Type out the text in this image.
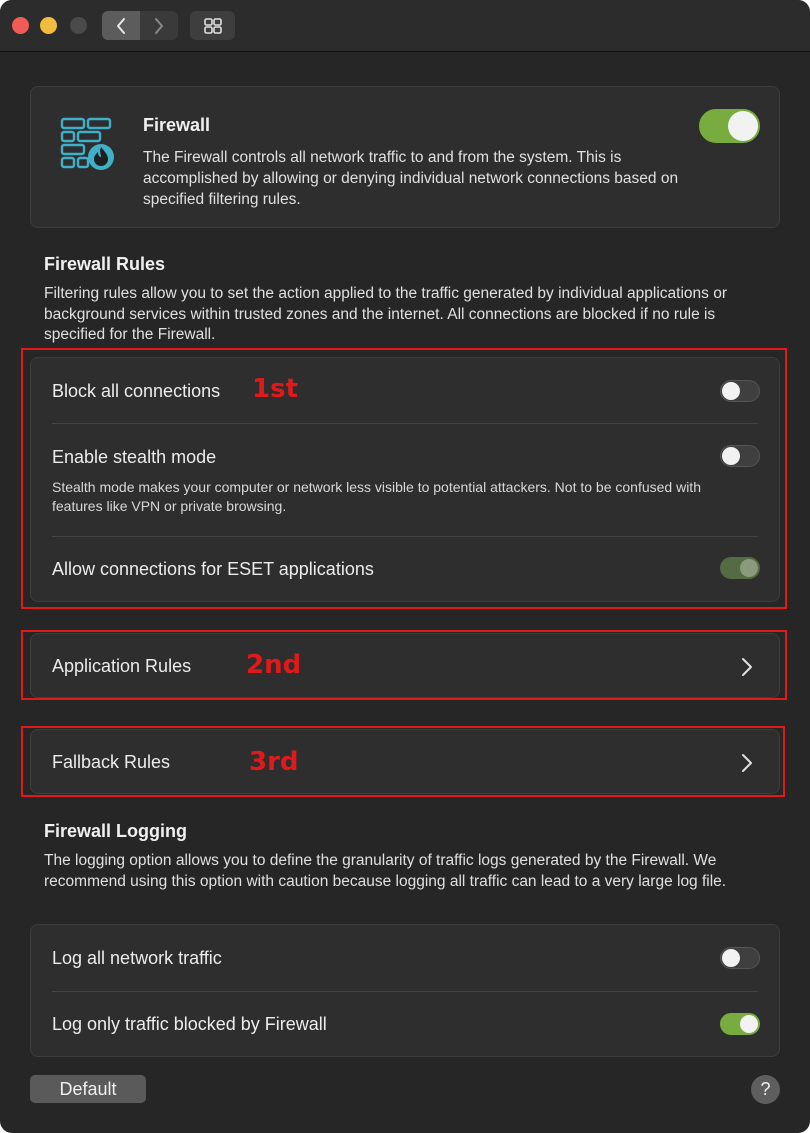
Firewall
The Firewall controls all network traffic to and from the system. This is accomplished by allowing or denying individual network connections based on specified filtering rules.
Firewall Rules
Filtering rules allow you to set the action applied to the traffic generated by individual applications or background services within trusted zones and the internet. All connections are blocked if no rule is specified for the Firewall.
Block all connections
Enable stealth mode
Stealth mode makes your computer or network less visible to potential attackers. Not to be confused with features like VPN or private browsing.
Allow connections for ESET applications
Application Rules
Fallback Rules
Firewall Logging
The logging option allows you to define the granularity of traffic logs generated by the Firewall. We recommend using this option with caution because logging all traffic can lead to a very large log file.
Log all network traffic
Log only traffic blocked by Firewall
Default	?
1st
2nd
3rd
